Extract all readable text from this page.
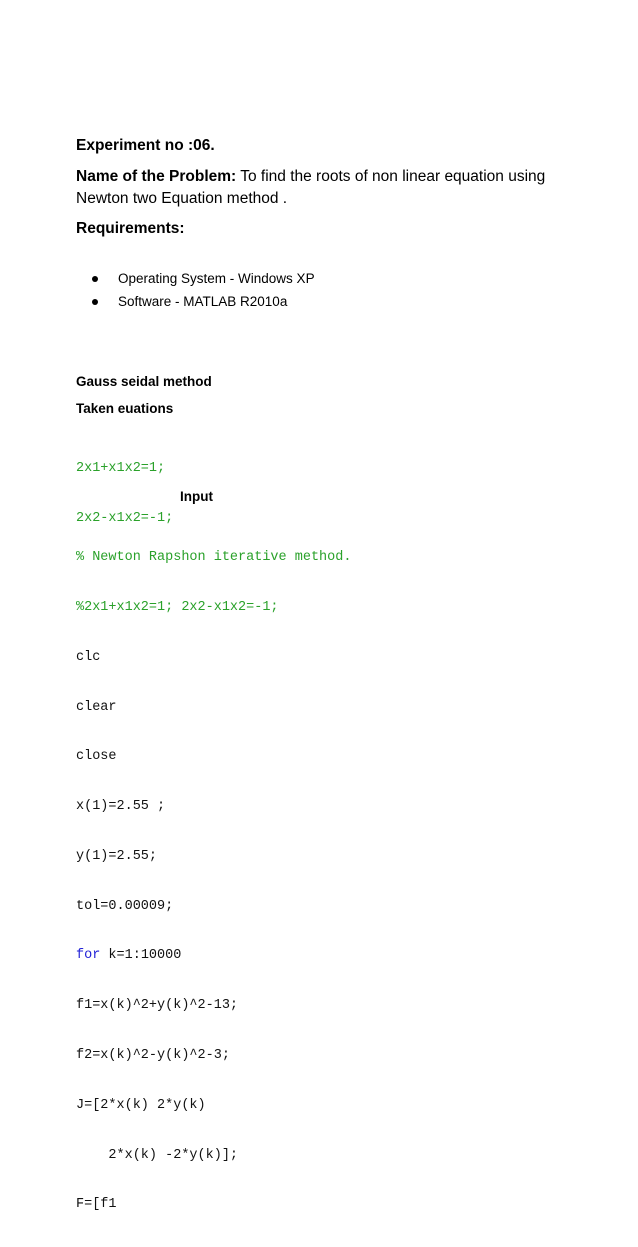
Experiment no :06.
Name of the Problem: To find the roots of non linear equation using
Newton two Equation method .
Requirements:
Operating System - Windows XP
Software - MATLAB R2010a
Gauss seidal method
Taken euations

2x1+x1x2=1;

2x2-x1x2=-1;

Input

% Newton Rapshon iterative method.

%2x1+x1x2=1; 2x2-x1x2=-1;

clc

clear

close

x(1)=2.55 ;

y(1)=2.55;

tol=0.00009;

for k=1:10000

f1=x(k)^2+y(k)^2-13;

f2=x(k)^2-y(k)^2-3;

J=[2*x(k) 2*y(k)

2*x(k) -2*y(k)];

F=[f1
